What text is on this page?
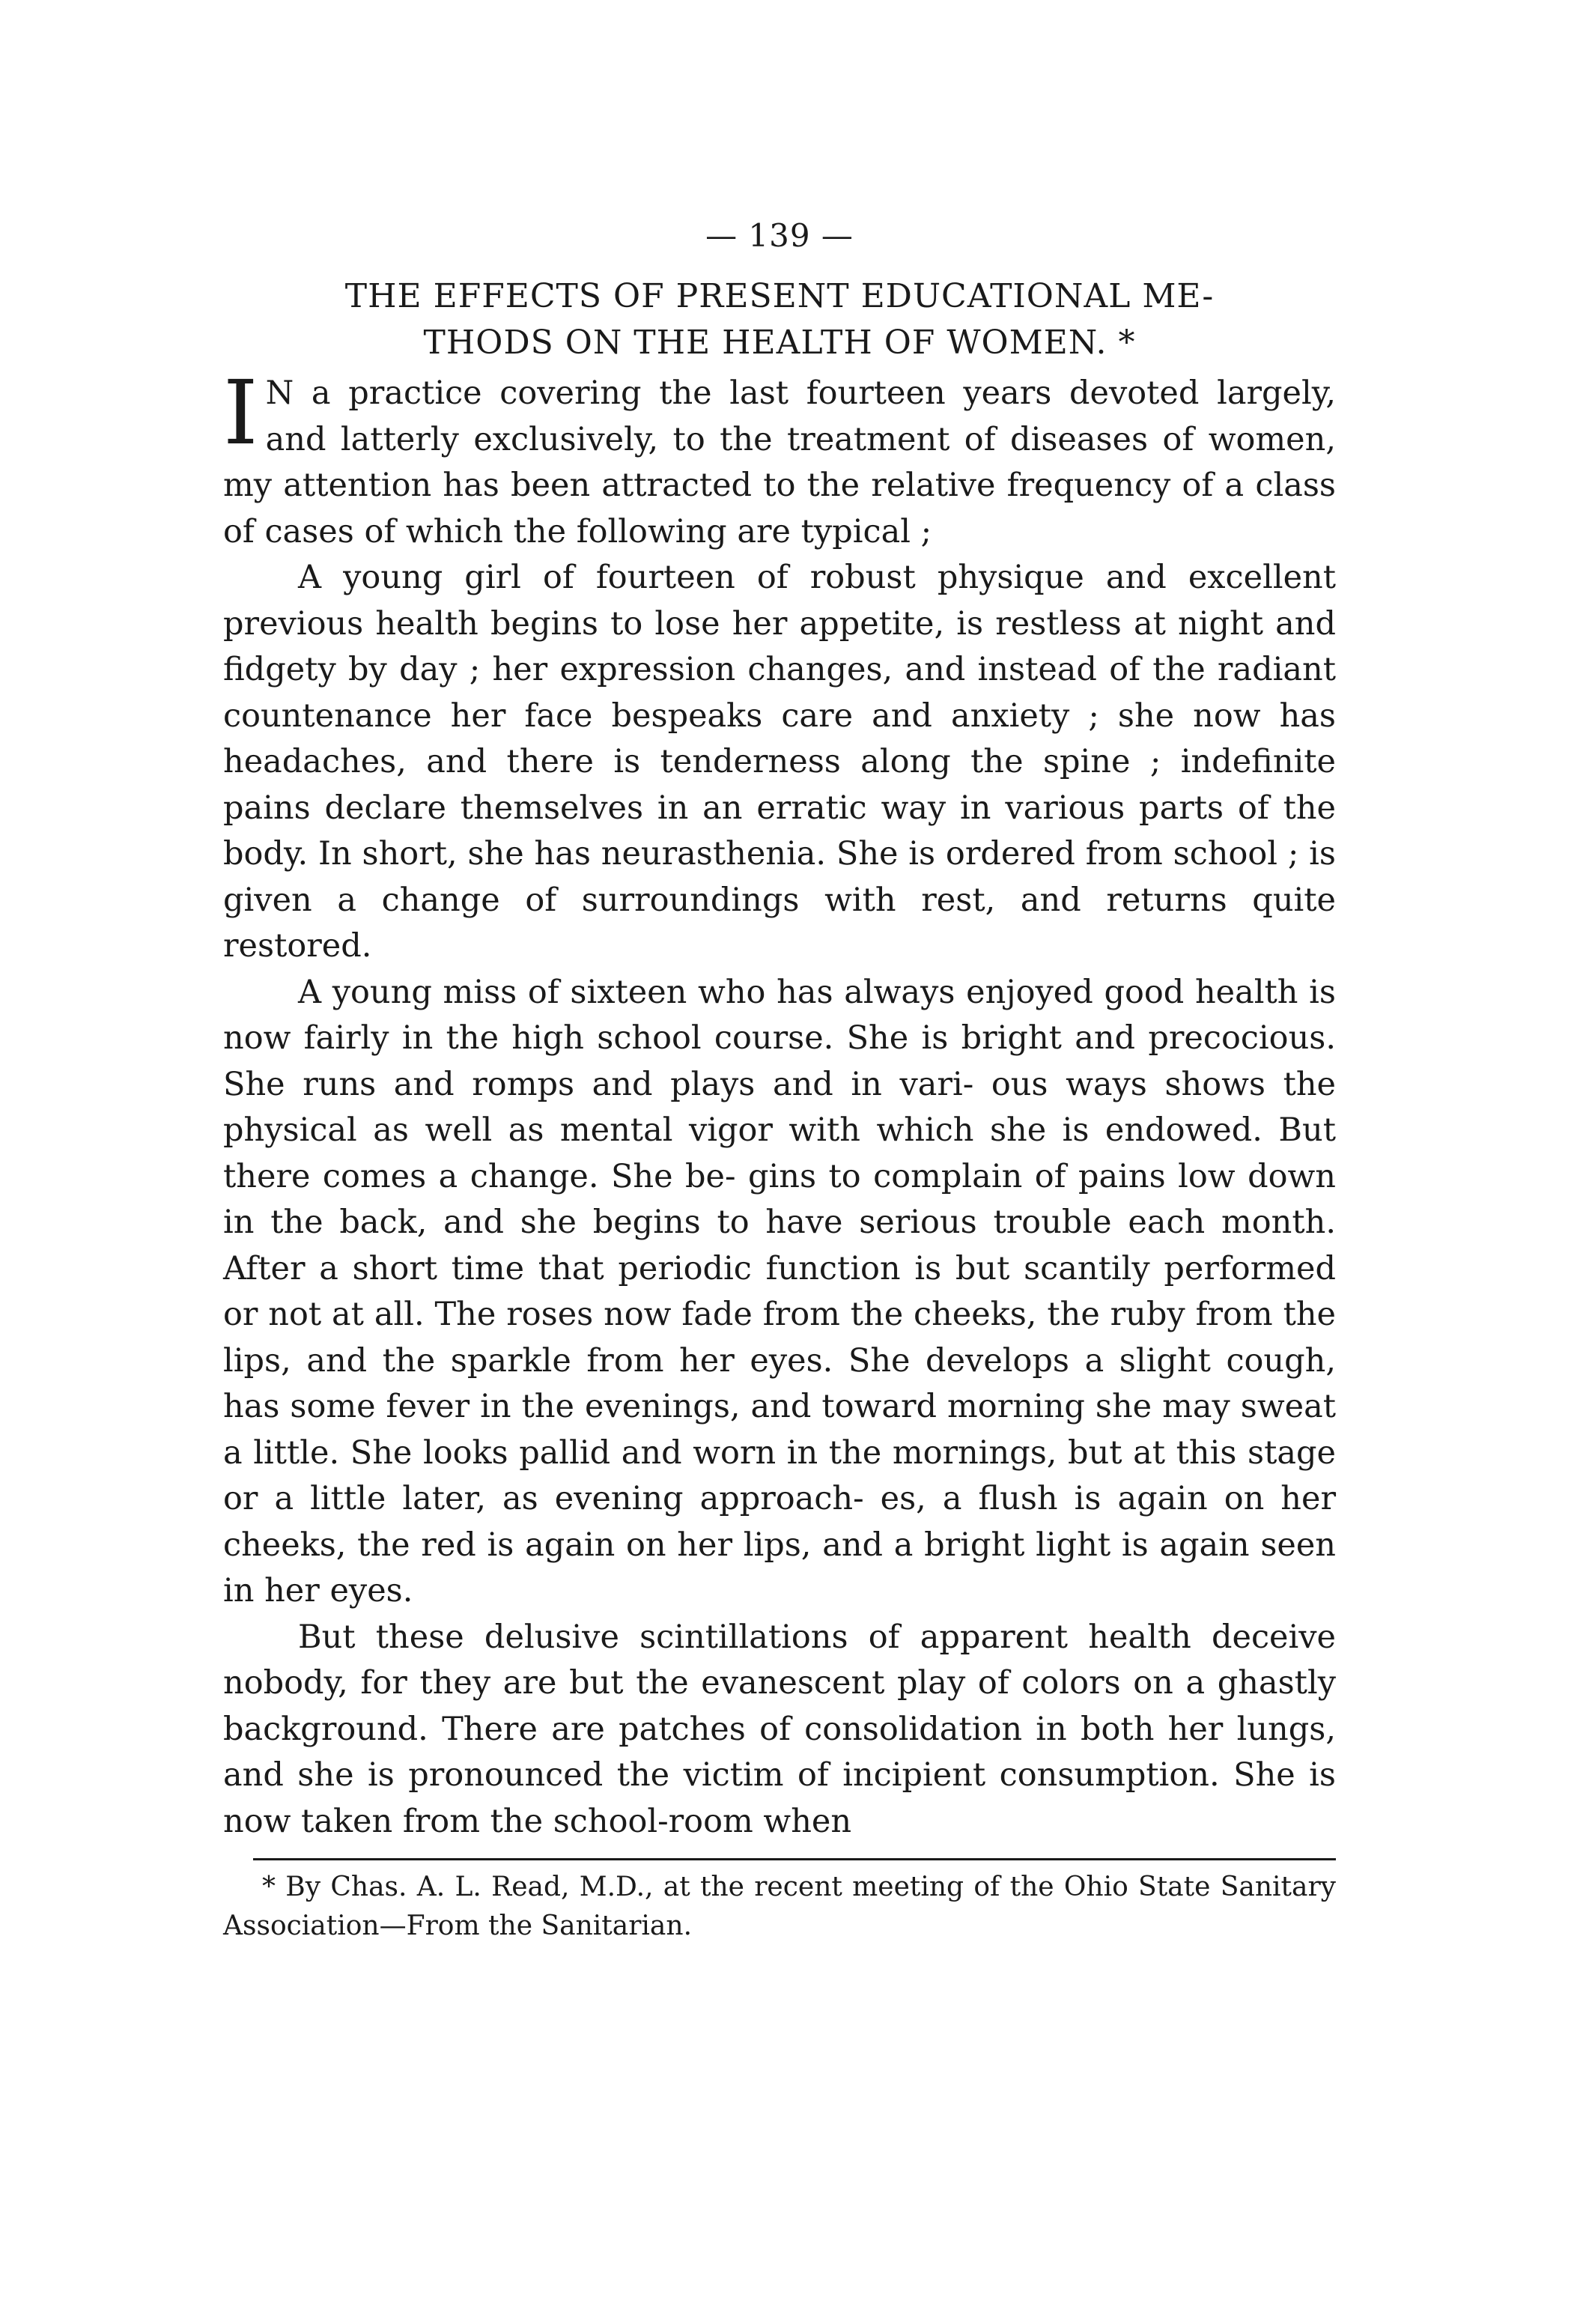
— 139 —
THE EFFECTS OF PRESENT EDUCATIONAL ME-
THODS ON THE HEALTH OF WOMEN. *

I N a practice covering the last fourteen years devoted largely, and latterly exclusively, to the treatment of diseases of women, my attention has been attracted to the relative frequency of a class of cases of which the following are typical ;

A young girl of fourteen of robust physique and excellent previous health begins to lose her appetite, is restless at night and fidgety by day ; her expression changes, and instead of the radiant countenance her face bespeaks care and anxiety ; she now has headaches, and there is tenderness along the spine ; indefinite pains declare themselves in an erratic way in various parts of the body. In short, she has neurasthenia. She is ordered from school ; is given a change of surroundings with rest, and returns quite restored.

A young miss of sixteen who has always enjoyed good health is now fairly in the high school course. She is bright and precocious. She runs and romps and plays and in vari- ous ways shows the physical as well as mental vigor with which she is endowed. But there comes a change. She be- gins to complain of pains low down in the back, and she begins to have serious trouble each month. After a short time that periodic function is but scantily performed or not at all. The roses now fade from the cheeks, the ruby from the lips, and the sparkle from her eyes. She develops a slight cough, has some fever in the evenings, and toward morning she may sweat a little. She looks pallid and worn in the mornings, but at this stage or a little later, as evening approach- es, a flush is again on her cheeks, the red is again on her lips, and a bright light is again seen in her eyes.

But these delusive scintillations of apparent health deceive nobody, for they are but the evanescent play of colors on a ghastly background. There are patches of consolidation in both her lungs, and she is pronounced the victim of incipient consumption. She is now taken from the school-room when

* By Chas. A. L. Read, M.D., at the recent meeting of the Ohio State Sanitary Association—From the Sanitarian.
